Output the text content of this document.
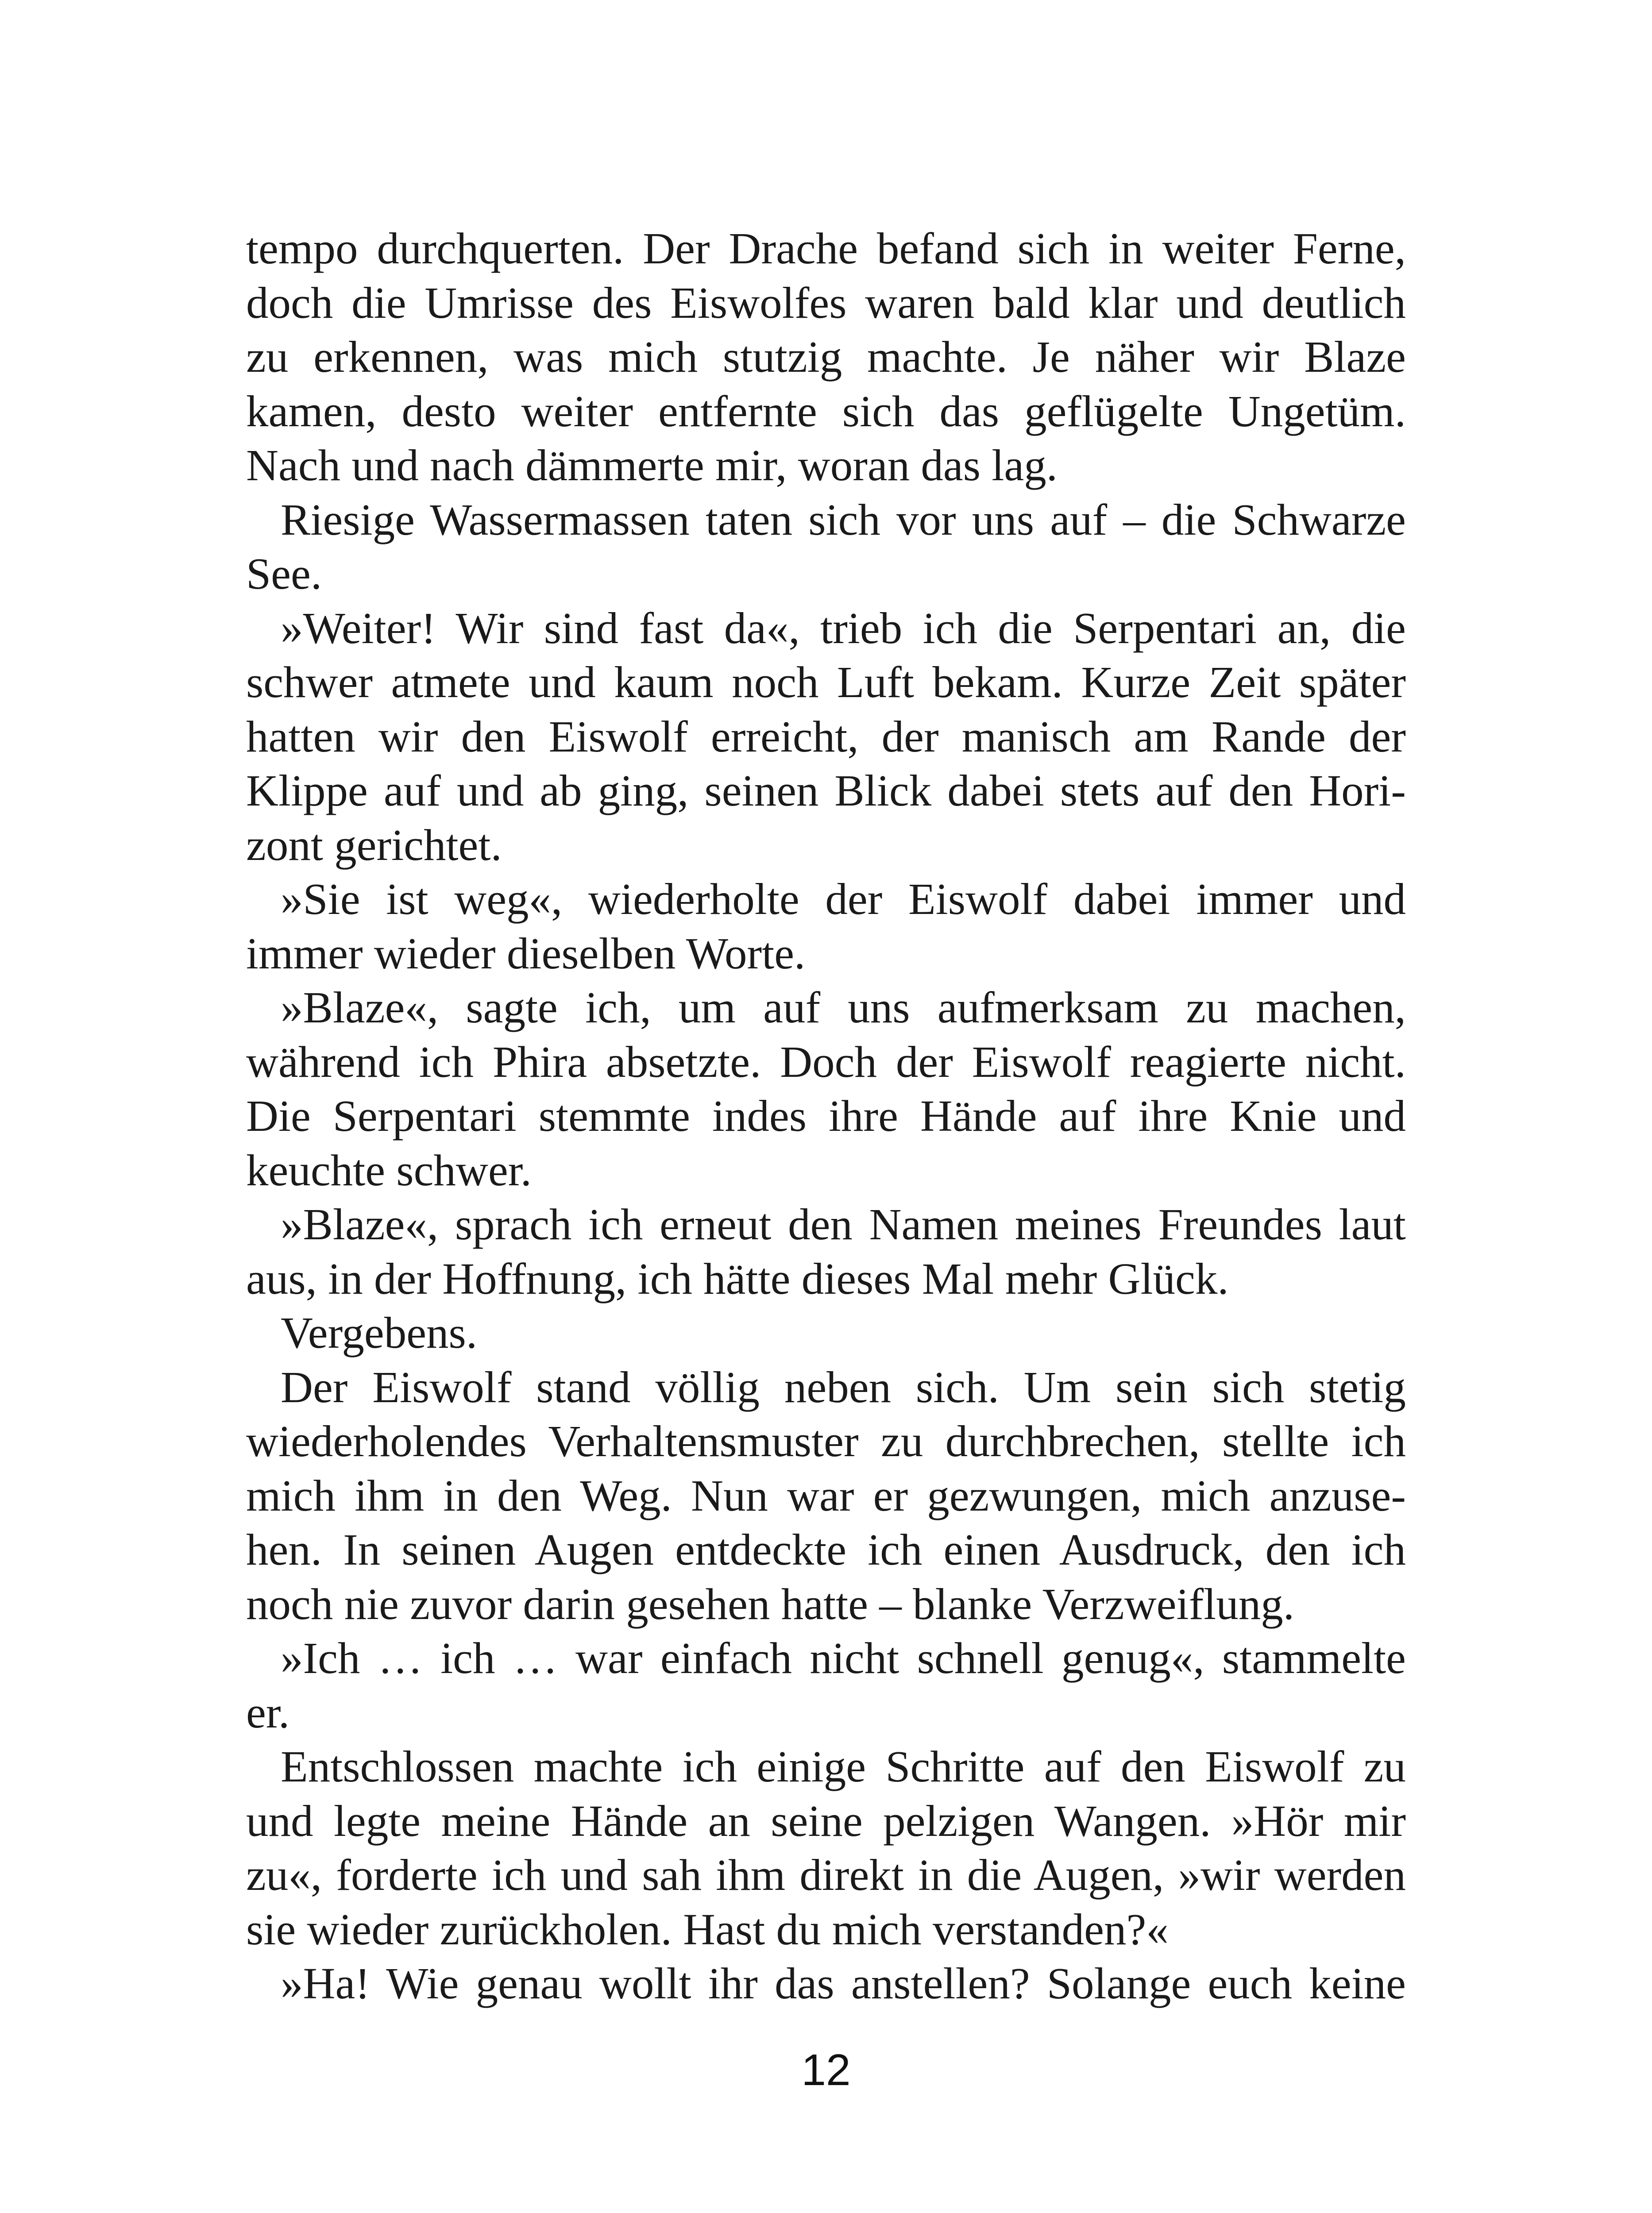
tempo durchquerten. Der Drache befand sich in weiter Ferne,
doch die Umrisse des Eiswolfes waren bald klar und deutlich
zu erkennen, was mich stutzig machte. Je näher wir Blaze
kamen, desto weiter entfernte sich das geflügelte Ungetüm.
Nach und nach dämmerte mir, woran das lag.
Riesige Wassermassen taten sich vor uns auf – die Schwarze
See.
»Weiter! Wir sind fast da«, trieb ich die Serpentari an, die
schwer atmete und kaum noch Luft bekam. Kurze Zeit später
hatten wir den Eiswolf erreicht, der manisch am Rande der
Klippe auf und ab ging, seinen Blick dabei stets auf den Hori-
zont gerichtet.
»Sie ist weg«, wiederholte der Eiswolf dabei immer und
immer wieder dieselben Worte.
»Blaze«, sagte ich, um auf uns aufmerksam zu machen,
während ich Phira absetzte. Doch der Eiswolf reagierte nicht.
Die Serpentari stemmte indes ihre Hände auf ihre Knie und
keuchte schwer.
»Blaze«, sprach ich erneut den Namen meines Freundes laut
aus, in der Hoffnung, ich hätte dieses Mal mehr Glück.
Vergebens.
Der Eiswolf stand völlig neben sich. Um sein sich stetig
wiederholendes Verhaltensmuster zu durchbrechen, stellte ich
mich ihm in den Weg. Nun war er gezwungen, mich anzuse-
hen. In seinen Augen entdeckte ich einen Ausdruck, den ich
noch nie zuvor darin gesehen hatte – blanke Verzweiflung.
»Ich … ich … war einfach nicht schnell genug«, stammelte
er.
Entschlossen machte ich einige Schritte auf den Eiswolf zu
und legte meine Hände an seine pelzigen Wangen. »Hör mir
zu«, forderte ich und sah ihm direkt in die Augen, »wir werden
sie wieder zurückholen. Hast du mich verstanden?«
»Ha! Wie genau wollt ihr das anstellen? Solange euch keine
12
